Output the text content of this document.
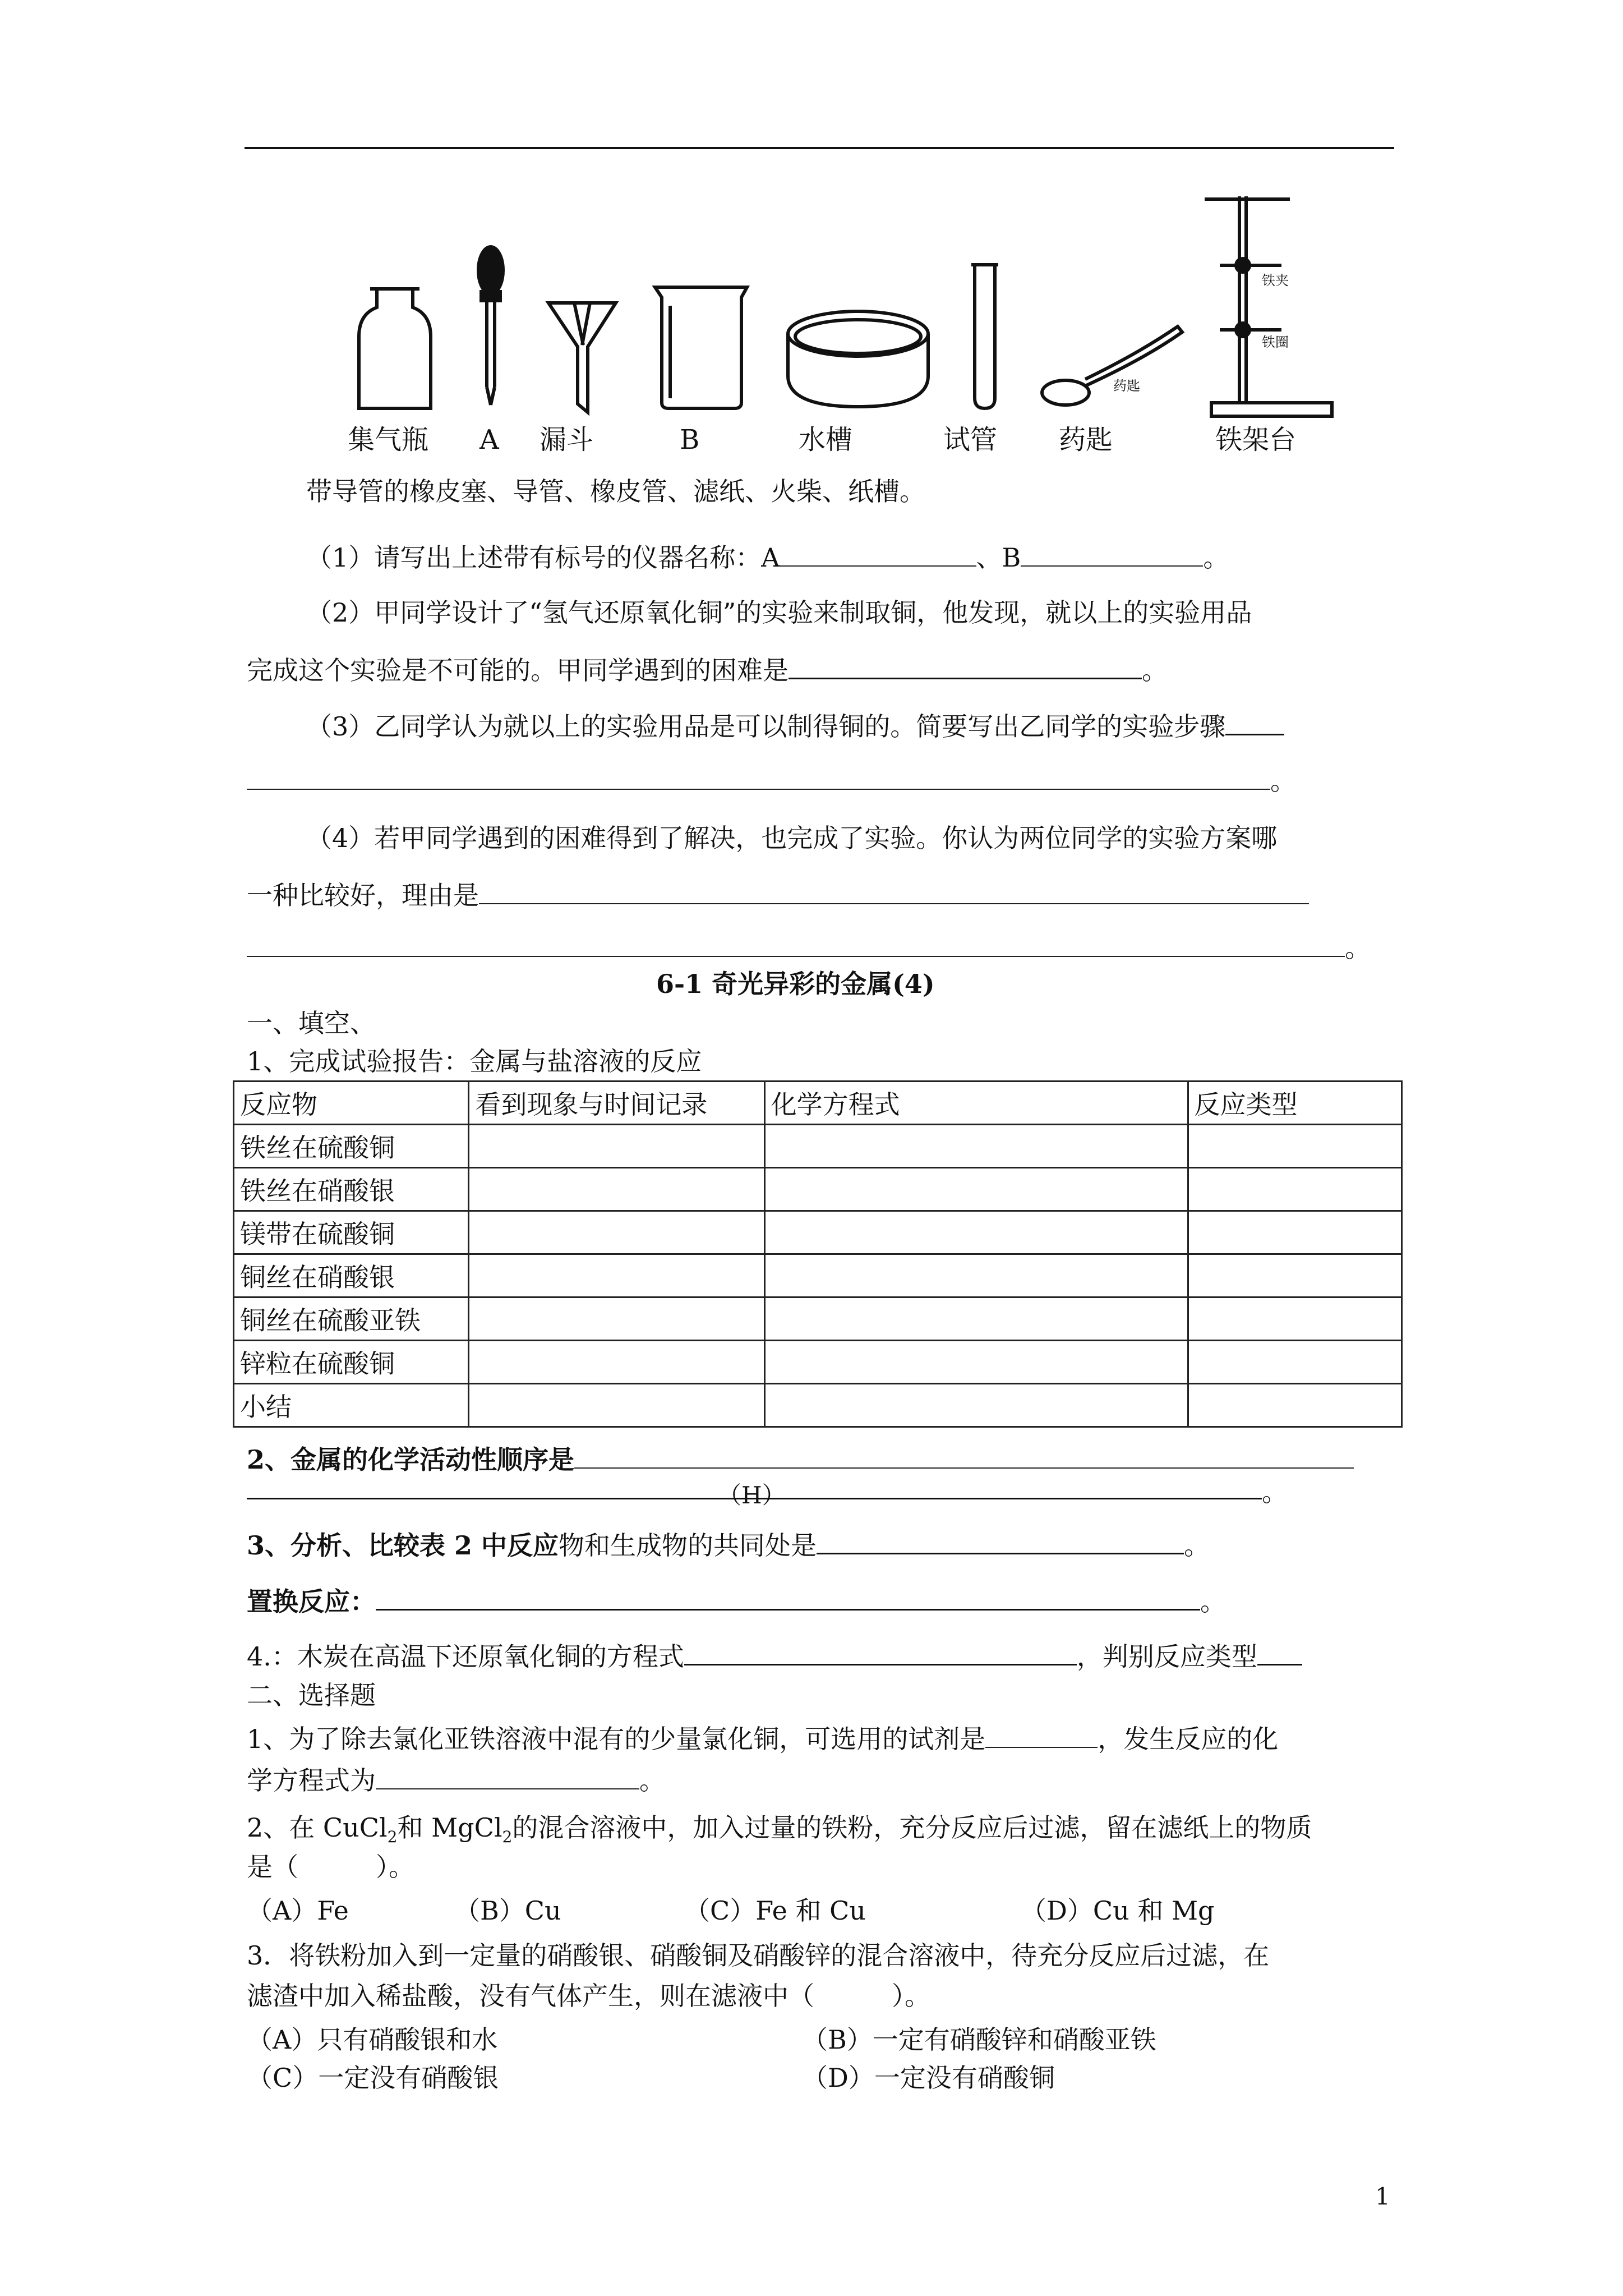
铁夹
铁圈
药匙
集气瓶 A 漏斗	B	水槽	试管 药匙	铁架台
带导管的橡皮塞、导管、橡皮管、滤纸、火柴、纸槽。
（1）请写出上述带有标号的仪器名称：A	、B	。
（2）甲同学设计了“氢气还原氧化铜”的实验来制取铜，他发现，就以上的实验用品
完成这个实验是不可能的。甲同学遇到的困难是	。
（3）乙同学认为就以上的实验用品是可以制得铜的。简要写出乙同学的实验步骤
。
（4）若甲同学遇到的困难得到了解决，也完成了实验。你认为两位同学的实验方案哪
一种比较好，理由是
。
6-1 奇光异彩的金属(4)
一、填空、
1、完成试验报告：金属与盐溶液的反应
反应物	看到现象与时间记录	化学方程式	反应类型
铁丝在硫酸铜			
铁丝在硝酸银			
镁带在硫酸铜			
铜丝在硝酸银			
铜丝在硫酸亚铁			
锌粒在硫酸铜			
小结			
2、金属的化学活动性顺序是
（H）	。
3、分析、比较表 2 中反应物和生成物的共同处是	。
置换反应：	。
4.：木炭在高温下还原氧化铜的方程式	，判别反应类型
二、选择题
1、为了除去氯化亚铁溶液中混有的少量氯化铜，可选用的试剂是	，发生反应的化
学方程式为	。
2、在 CuCl$_2$和 MgCl$_2$的混合溶液中，加入过量的铁粉，充分反应后过滤，留在滤纸上的物质
是（　　　）。
（A）Fe	（B）Cu	（C）Fe 和 Cu	（D）Cu 和 Mg
3．将铁粉加入到一定量的硝酸银、硝酸铜及硝酸锌的混合溶液中，待充分反应后过滤，在
滤渣中加入稀盐酸，没有气体产生，则在滤液中（　　　）。
（A）只有硝酸银和水	（B）一定有硝酸锌和硝酸亚铁
（C）一定没有硝酸银	（D）一定没有硝酸铜
1
